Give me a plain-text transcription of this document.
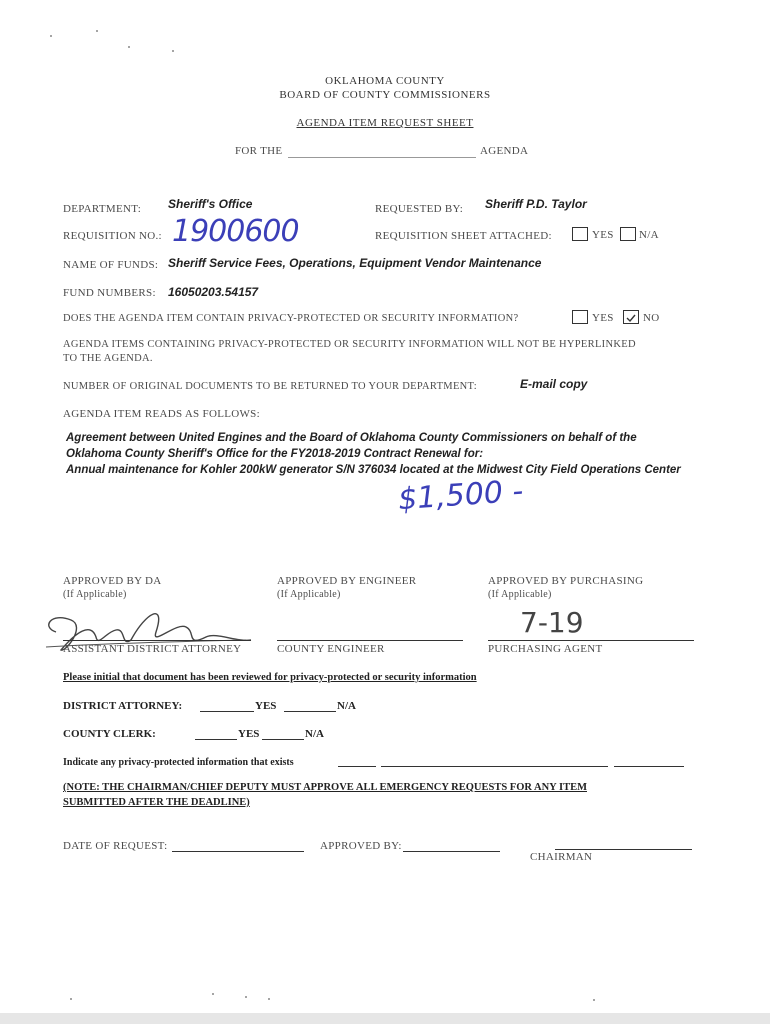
OKLAHOMA COUNTY
BOARD OF COUNTY COMMISSIONERS
AGENDA ITEM REQUEST SHEET
FOR THE	AGENDA
DEPARTMENT: Sheriff's Office	REQUESTED BY: Sheriff P.D. Taylor
REQUISITION NO.: 1900600	REQUISITION SHEET ATTACHED:	YES N/A
NAME OF FUNDS: Sheriff Service Fees, Operations, Equipment Vendor Maintenance
FUND NUMBERS: 16050203.54157
DOES THE AGENDA ITEM CONTAIN PRIVACY-PROTECTED OR SECURITY INFORMATION?	YES	NO
AGENDA ITEMS CONTAINING PRIVACY-PROTECTED OR SECURITY INFORMATION WILL NOT BE HYPERLINKED
TO THE AGENDA.
NUMBER OF ORIGINAL DOCUMENTS TO BE RETURNED TO YOUR DEPARTMENT:	E-mail copy
AGENDA ITEM READS AS FOLLOWS:
Agreement between United Engines and the Board of Oklahoma County Commissioners on behalf of the
Oklahoma County Sheriff's Office for the FY2018-2019 Contract Renewal for:
Annual maintenance for Kohler 200kW generator S/N 376034 located at the Midwest City Field Operations Center
$1,500 -
APPROVED BY DA
(If Applicable)
APPROVED BY ENGINEER
(If Applicable)
APPROVED BY PURCHASING
(If Applicable)
7-19
ASSISTANT DISTRICT ATTORNEY	COUNTY ENGINEER	PURCHASING AGENT
Please initial that document has been reviewed for privacy-protected or security information
DISTRICT ATTORNEY:	YES	N/A
COUNTY CLERK:	YES	N/A
Indicate any privacy-protected information that exists
(NOTE: THE CHAIRMAN/CHIEF DEPUTY MUST APPROVE ALL EMERGENCY REQUESTS FOR ANY ITEM
SUBMITTED AFTER THE DEADLINE)
DATE OF REQUEST:	APPROVED BY:
CHAIRMAN
